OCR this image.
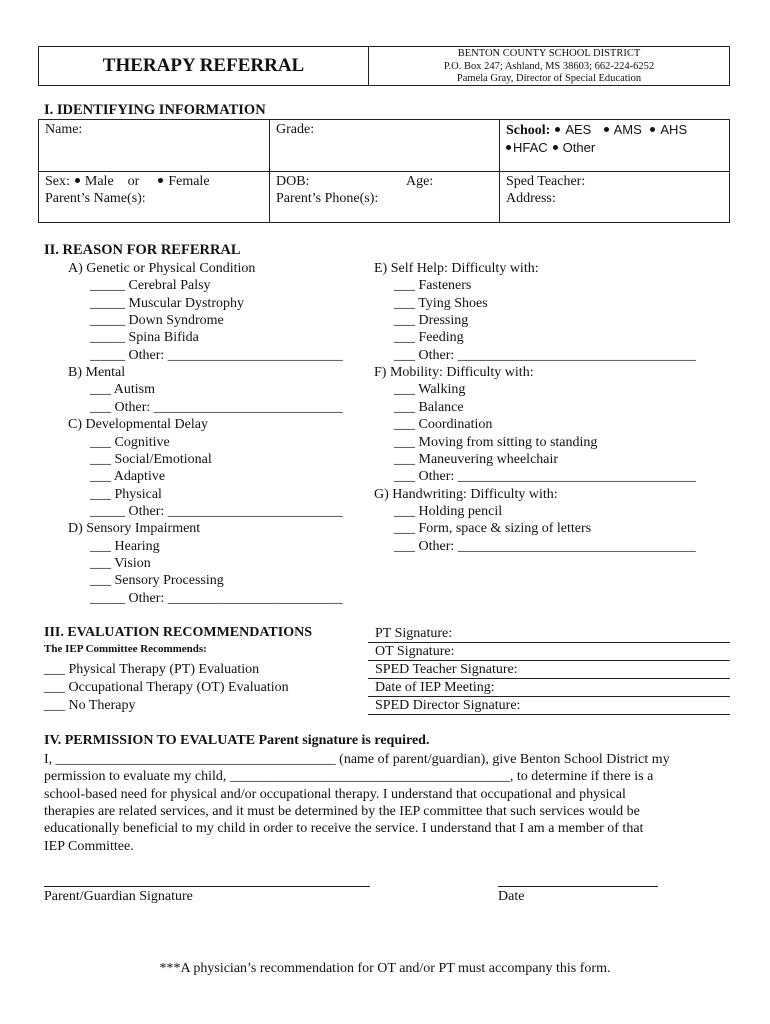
THERAPY REFERRAL
BENTON COUNTY SCHOOL DISTRICT
P.O. Box 247; Ashland, MS 38603; 662-224-6252
Pamela Gray, Director of Special Education
I. IDENTIFYING INFORMATION
Name:	Grade:	School: AES AMS AHS
HFAC Other
Sex: Male or Female	DOB:	Age:	Sped Teacher:
Parent’s Name(s):	Parent’s Phone(s):	Address:
II. REASON FOR REFERRAL
A) Genetic or Physical Condition
_____ Cerebral Palsy
_____ Muscular Dystrophy
_____ Down Syndrome
_____ Spina Bifida
_____ Other: _________________________
B) Mental
___ Autism
___ Other: ___________________________
C) Developmental Delay
___ Cognitive
___ Social/Emotional
___ Adaptive
___ Physical
_____ Other: _________________________
D) Sensory Impairment
___ Hearing
___ Vision
___ Sensory Processing
_____ Other: _________________________
E) Self Help: Difficulty with:
___ Fasteners
___ Tying Shoes
___ Dressing
___ Feeding
___ Other: __________________________________
F) Mobility: Difficulty with:
___ Walking
___ Balance
___ Coordination
___ Moving from sitting to standing
___ Maneuvering wheelchair
___ Other: __________________________________
G) Handwriting: Difficulty with:
___ Holding pencil
___ Form, space & sizing of letters
___ Other: __________________________________
III. EVALUATION RECOMMENDATIONS
The IEP Committee Recommends:
___ Physical Therapy (PT) Evaluation
___ Occupational Therapy (OT) Evaluation
___ No Therapy
PT Signature:
OT Signature:
SPED Teacher Signature:
Date of IEP Meeting:
SPED Director Signature:
IV. PERMISSION TO EVALUATE Parent signature is required.
I, ________________________________________ (name of parent/guardian), give Benton School District my
permission to evaluate my child, ________________________________________, to determine if there is a
school-based need for physical and/or occupational therapy. I understand that occupational and physical
therapies are related services, and it must be determined by the IEP committee that such services would be
educationally beneficial to my child in order to receive the service. I understand that I am a member of that
IEP Committee.
Parent/Guardian Signature	Date
***A physician’s recommendation for OT and/or PT must accompany this form.
